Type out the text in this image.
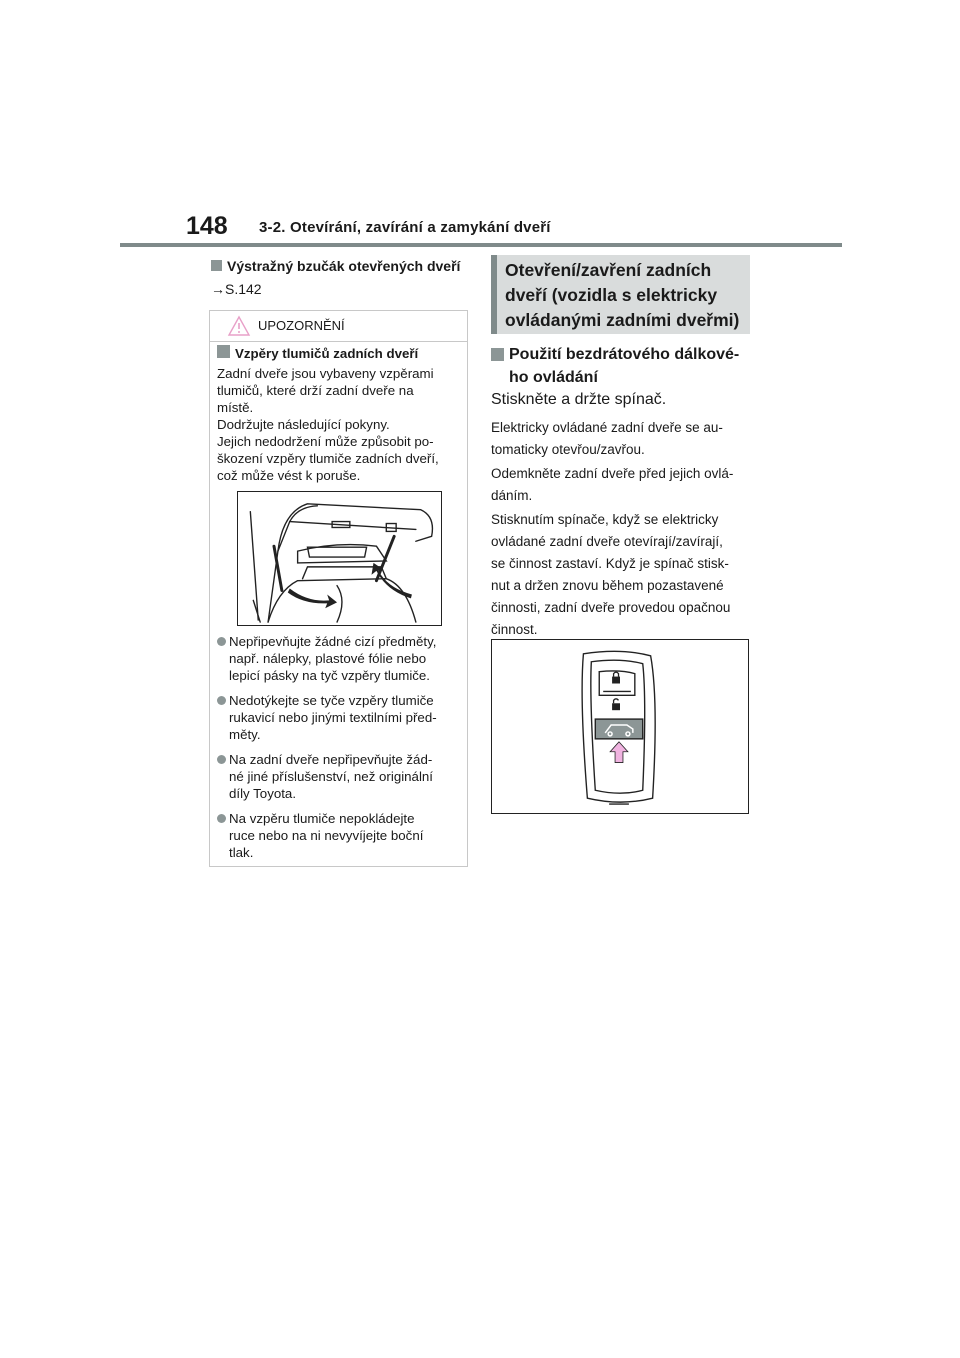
148 3-2. Otevírání, zavírání a zamykání dveří
Výstražný bzučák otevřených dveří
→S.142
UPOZORNĚNÍ

Vzpěry tlumičů zadních dveří

Zadní dveře jsou vybaveny vzpěrami
tlumičů, které drží zadní dveře na
místě.
Dodržujte následující pokyny.
Jejich nedodržení může způsobit po-
škození vzpěry tlumiče zadních dveří,
což může vést k poruše.

Nepřipevňujte žádné cizí předměty,
např. nálepky, plastové fólie nebo
lepicí pásky na tyč vzpěry tlumiče.
Nedotýkejte se tyče vzpěry tlumiče
rukavicí nebo jinými textilními před-
měty.
Na zadní dveře nepřipevňujte žád-
né jiné příslušenství, než originální
díly Toyota.
Na vzpěru tlumiče nepokládejte
ruce nebo na ni nevyvíjejte boční
tlak.
Otevření/zavření zadních
dveří (vozidla s elektricky
ovládanými zadními dveřmi)
Použití bezdrátového dálkové-
ho ovládání
Stiskněte a držte spínač.
Elektricky ovládané zadní dveře se au-
tomaticky otevřou/zavřou.
Odemkněte zadní dveře před jejich ovlá-
dáním.
Stisknutím spínače, když se elektricky
ovládané zadní dveře otevírají/zavírají,
se činnost zastaví. Když je spínač stisk-
nut a držen znovu během pozastavené
činnosti, zadní dveře provedou opačnou
činnost.
